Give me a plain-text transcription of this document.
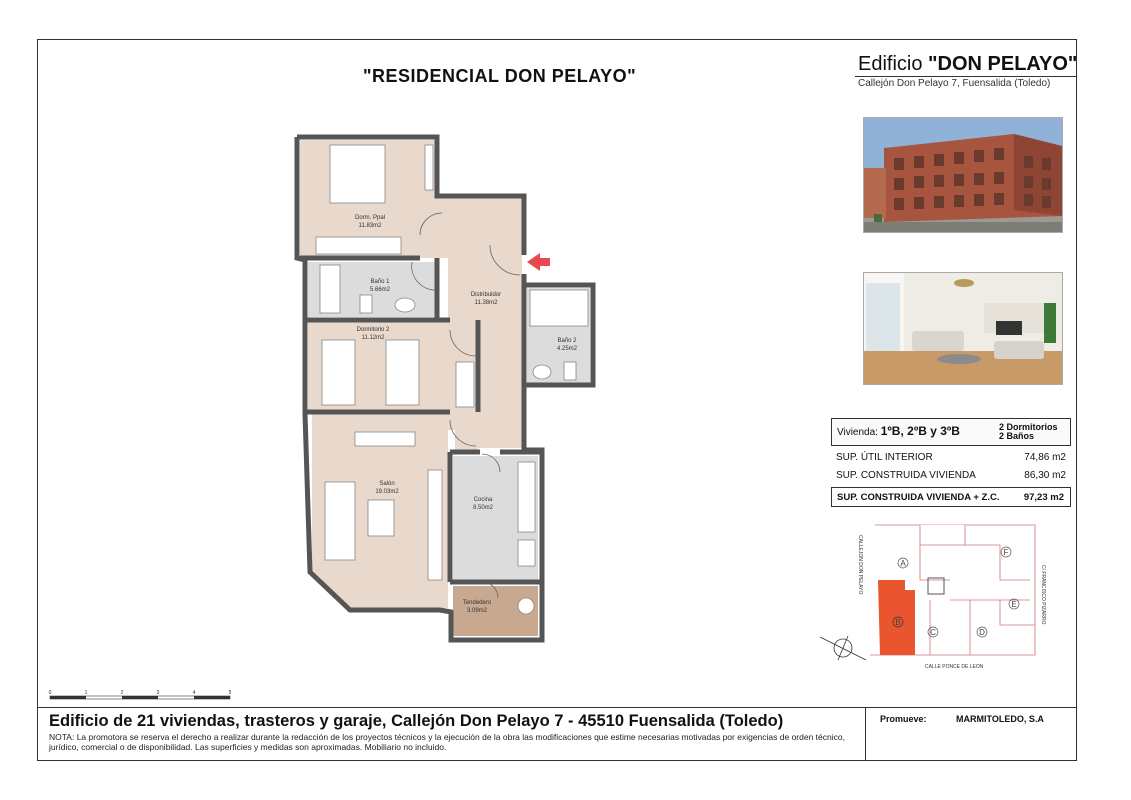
"RESIDENCIAL DON PELAYO"
Edificio "DON PELAYO"
Callejón Don Pelayo 7, Fuensalida (Toledo)
Vivienda: 1ºB, 2ºB y 3ºB	2 Dormitorios
2 Baños
SUP. ÚTIL INTERIOR	74,86 m2
SUP. CONSTRUIDA VIVIENDA	86,30 m2
SUP. CONSTRUIDA VIVIENDA + Z.C.	97,23 m2
Dorm. Ppal
11.83m2
Baño 1
5.66m2
Distribuidor
11.38m2
Dormitorio 2
11.12m2	Baño 2
4.25m2
Salón
19.03m2
Cocina
8.50m2
Tendedero
3.09m2
A
B
C	D
E
F
CALLEJON DON PELAYO
C/ FRANCISCO PIZARRO
CALLE PONCE DE LEON
0	1	2	3	4	5
Edificio de 21 viviendas, trasteros y garaje, Callejón Don Pelayo 7 - 45510 Fuensalida (Toledo)
NOTA: La promotora se reserva el derecho a realizar durante la redacción de los proyectos técnicos y la ejecución de la obra las modificaciones que estime necesarias motivadas por exigencias de orden técnico, jurídico, comercial o de disponibilidad. Las superficies y medidas son aproximadas. Mobiliario no incluido.
Promueve:	MARMITOLEDO, S.A
